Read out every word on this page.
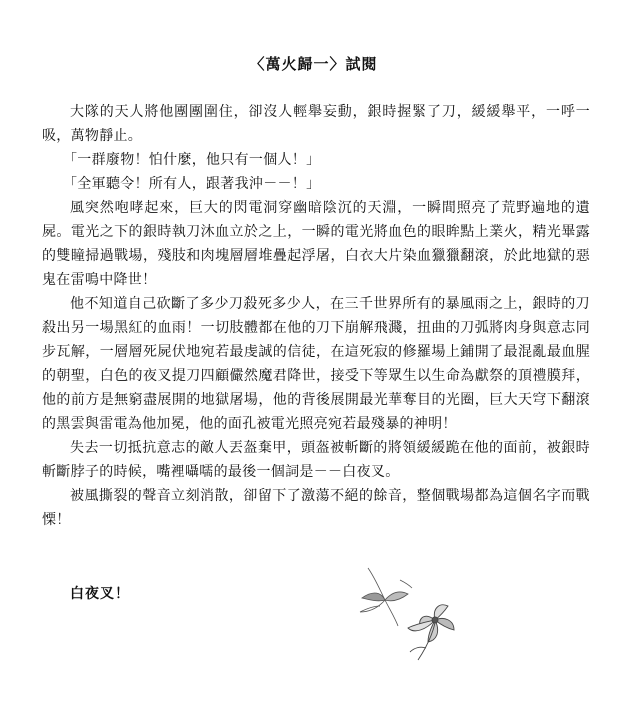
〈萬火歸一〉試閱

大隊的天人將他團團圍住，卻沒人輕舉妄動，銀時握緊了刀，緩緩舉平，一呼一吸，萬物靜止。

「一群廢物！怕什麼，他只有一個人！」

「全軍聽令！所有人，跟著我沖－－！」

風突然咆哮起來，巨大的閃電洞穿幽暗陰沉的天淵，一瞬間照亮了荒野遍地的遺屍。電光之下的銀時執刀沐血立於之上，一瞬的電光將血色的眼眸點上業火，精光畢露的雙瞳掃過戰場，殘肢和肉塊層層堆疊起浮屠，白衣大片染血獵獵翻滾，於此地獄的惡鬼在雷鳴中降世！

他不知道自己砍斷了多少刀殺死多少人，在三千世界所有的暴風雨之上，銀時的刀殺出另一場黑紅的血雨！一切肢體都在他的刀下崩解飛濺，扭曲的刀弧將肉身與意志同步瓦解，一層層死屍伏地宛若最虔誠的信徒，在這死寂的修羅場上鋪開了最混亂最血腥的朝聖，白色的夜叉提刀四顧儼然魔君降世，接受下等眾生以生命為獻祭的頂禮膜拜，他的前方是無窮盡展開的地獄屠場，他的背後展開最光華奪目的光圈，巨大天穹下翻滾的黑雲與雷電為他加冕，他的面孔被電光照亮宛若最殘暴的神明！

失去一切抵抗意志的敵人丟盔棄甲，頭盔被斬斷的將領緩緩跪在他的面前，被銀時斬斷脖子的時候，嘴裡囁嚅的最後一個詞是－－白夜叉。

被風撕裂的聲音立刻消散，卻留下了激蕩不絕的餘音，整個戰場都為這個名字而戰慄！

白夜叉！
